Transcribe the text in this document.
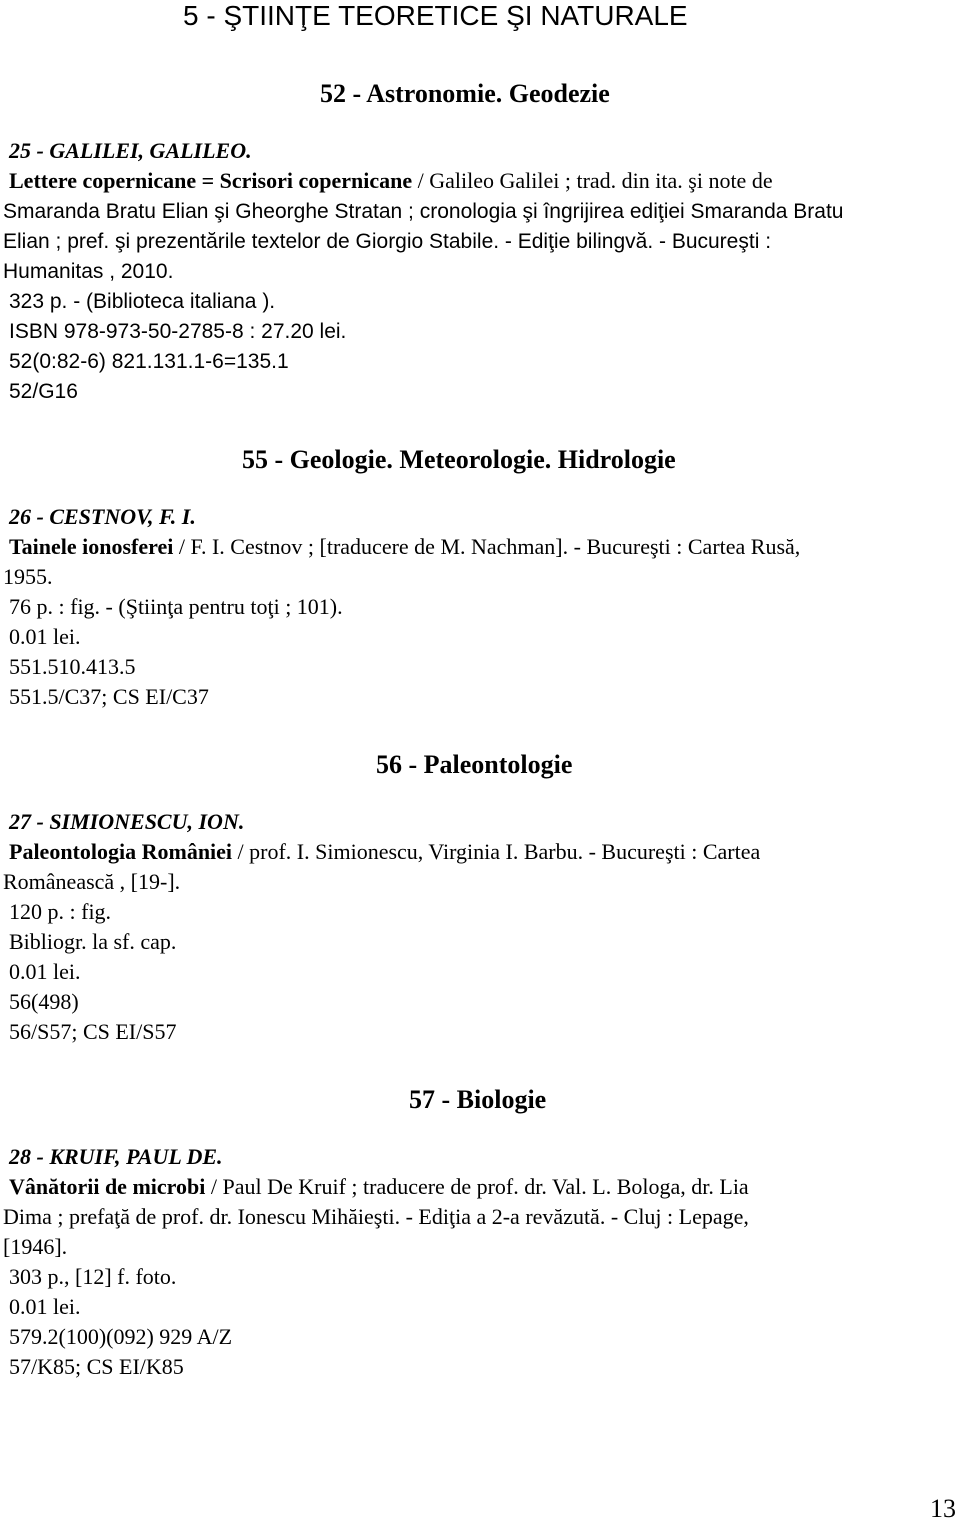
5 - ŞTIINŢE TEORETICE ŞI NATURALE
52 - Astronomie. Geodezie
25 - GALILEI, GALILEO.
Lettere copernicane = Scrisori copernicane / Galileo Galilei ; trad. din ita. şi note de
Smaranda Bratu Elian şi Gheorghe Stratan ; cronologia şi îngrijirea ediţiei Smaranda Bratu
Elian ; pref. şi prezentările textelor de Giorgio Stabile. - Ediţie bilingvă. - Bucureşti :
Humanitas , 2010.
323 p. - (Biblioteca italiana ).
ISBN 978-973-50-2785-8 : 27.20 lei.
52(0:82-6) 821.131.1-6=135.1
52/G16
55 - Geologie. Meteorologie. Hidrologie
26 - CESTNOV, F. I.
Tainele ionosferei / F. I. Cestnov ; [traducere de M. Nachman]. - Bucureşti : Cartea Rusă,
1955.
76 p. : fig. - (Ştiinţa pentru toţi ; 101).
0.01 lei.
551.510.413.5
551.5/C37; CS EI/C37
56 - Paleontologie
27 - SIMIONESCU, ION.
Paleontologia României / prof. I. Simionescu, Virginia I. Barbu. - Bucureşti : Cartea
Românească , [19-].
120 p. : fig.
Bibliogr. la sf. cap.
0.01 lei.
56(498)
56/S57; CS EI/S57
57 - Biologie
28 - KRUIF, PAUL DE.
Vânătorii de microbi / Paul De Kruif ; traducere de prof. dr. Val. L. Bologa, dr. Lia
Dima ; prefaţă de prof. dr. Ionescu Mihăieşti. - Ediţia a 2-a revăzută. - Cluj : Lepage,
[1946].
303 p., [12] f. foto.
0.01 lei.
579.2(100)(092) 929 A/Z
57/K85; CS EI/K85
13
